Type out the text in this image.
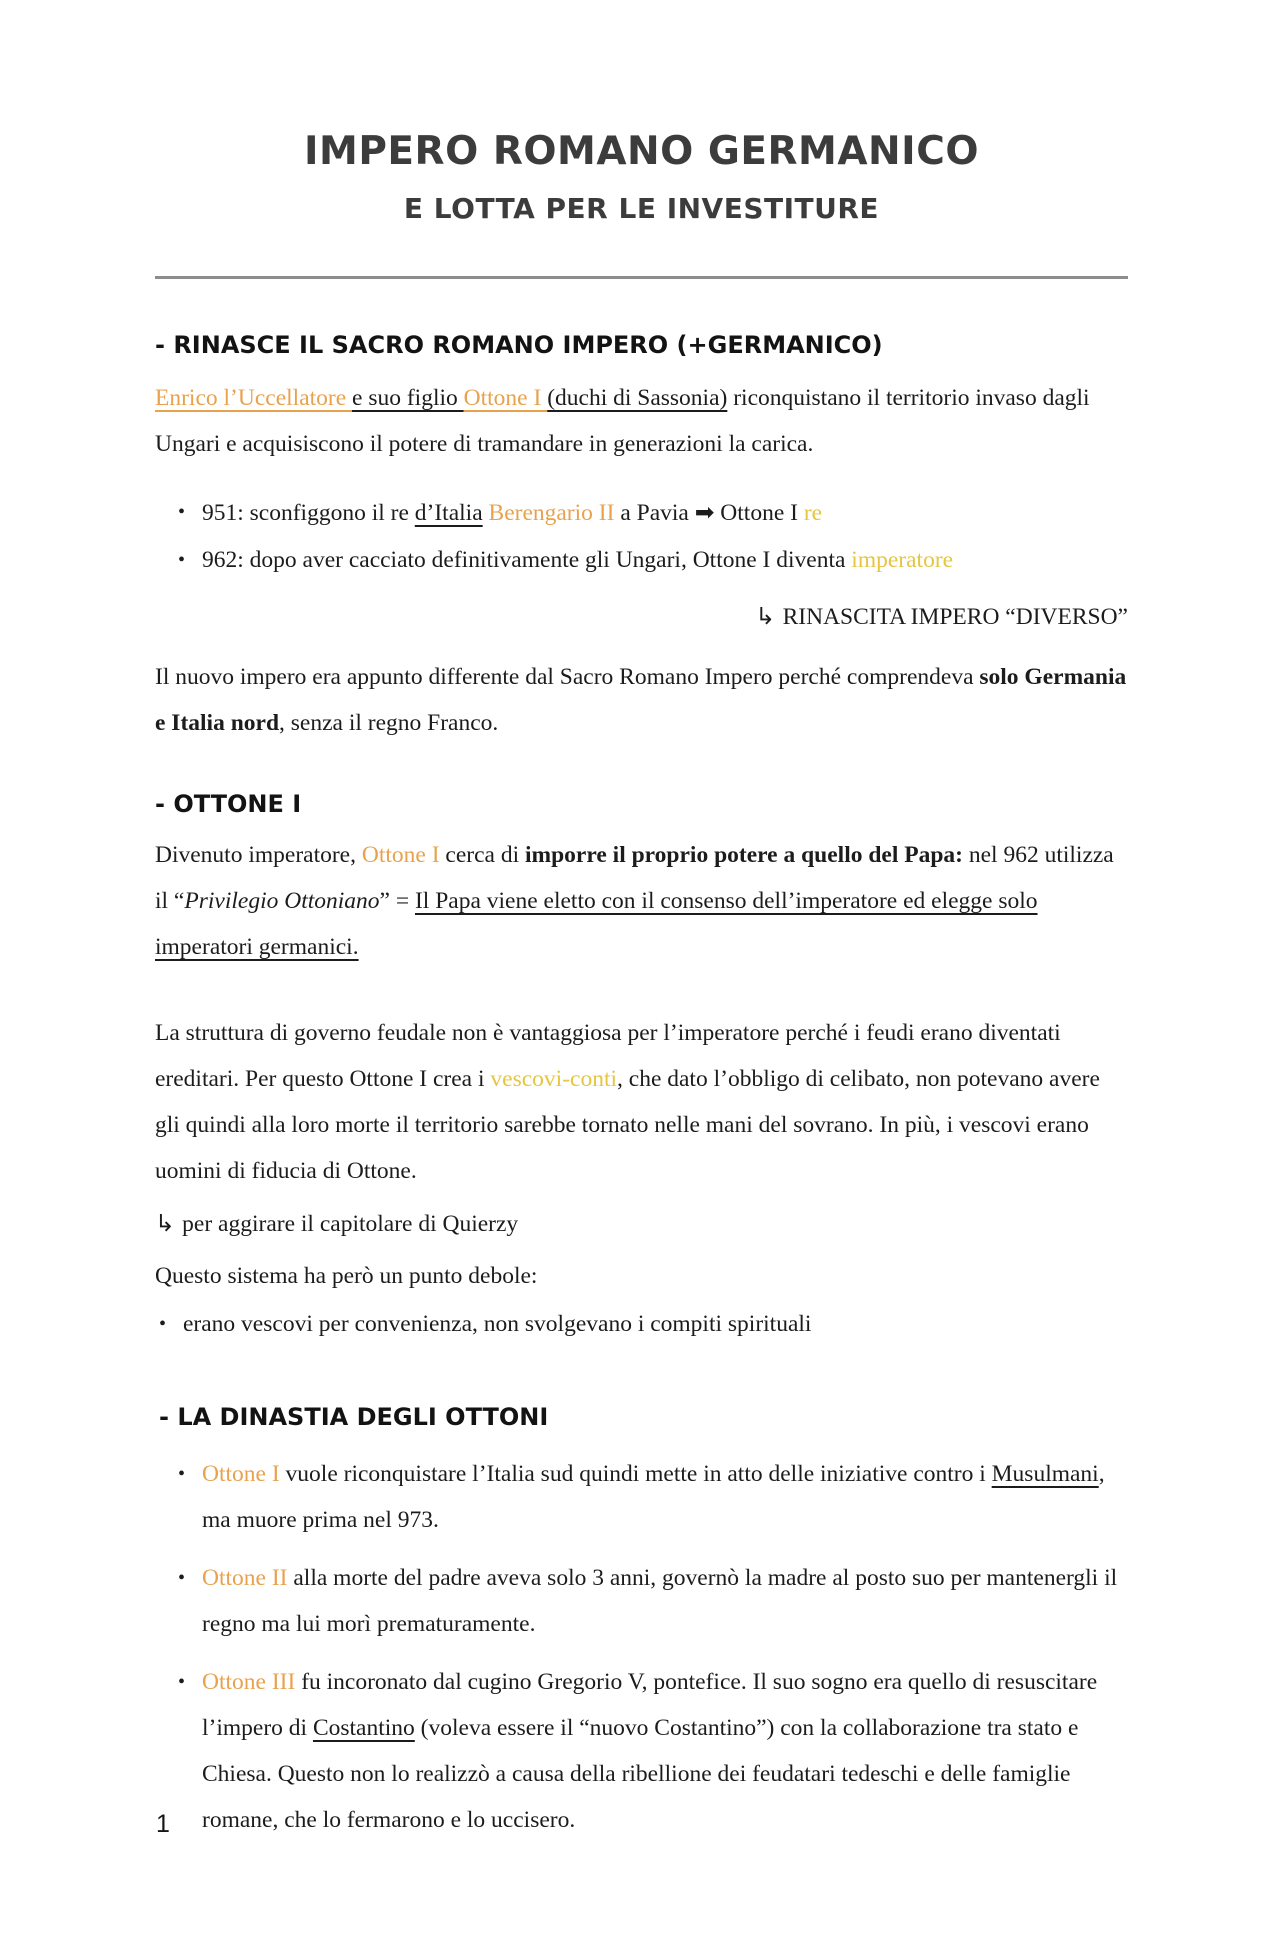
IMPERO ROMANO GERMANICO
E LOTTA PER LE INVESTITURE
- RINASCE IL SACRO ROMANO IMPERO (+GERMANICO)

Enrico l’Uccellatore e suo figlio Ottone I (duchi di Sassonia) riconquistano il territorio invaso dagli Ungari e acquisiscono il potere di tramandare in generazioni la carica.

• 951: sconfiggono il re d’Italia Berengario II a Pavia ➡ Ottone I re
• 962: dopo aver cacciato definitivamente gli Ungari, Ottone I diventa imperatore

↳ RINASCITA IMPERO “DIVERSO”

Il nuovo impero era appunto differente dal Sacro Romano Impero perché comprendeva solo Germania e Italia nord, senza il regno Franco.

- OTTONE I

Divenuto imperatore, Ottone I cerca di imporre il proprio potere a quello del Papa: nel 962 utilizza il “Privilegio Ottoniano” = Il Papa viene eletto con il consenso dell’imperatore ed elegge solo imperatori germanici.

La struttura di governo feudale non è vantaggiosa per l’imperatore perché i feudi erano diventati ereditari. Per questo Ottone I crea i vescovi-conti, che dato l’obbligo di celibato, non potevano avere gli quindi alla loro morte il territorio sarebbe tornato nelle mani del sovrano. In più, i vescovi erano uomini di fiducia di Ottone.

↳ per aggirare il capitolare di Quierzy

Questo sistema ha però un punto debole:

• erano vescovi per convenienza, non svolgevano i compiti spirituali
- LA DINASTIA DEGLI OTTONI
• Ottone I vuole riconquistare l’Italia sud quindi mette in atto delle iniziative contro i Musulmani, ma muore prima nel 973.
• Ottone II alla morte del padre aveva solo 3 anni, governò la madre al posto suo per mantenergli il regno ma lui morì prematuramente.
• Ottone III fu incoronato dal cugino Gregorio V, pontefice. Il suo sogno era quello di resuscitare l’impero di Costantino (voleva essere il “nuovo Costantino”) con la collaborazione tra stato e Chiesa. Questo non lo realizzò a causa della ribellione dei feudatari tedeschi e delle famiglie romane, che lo fermarono e lo uccisero.
1
